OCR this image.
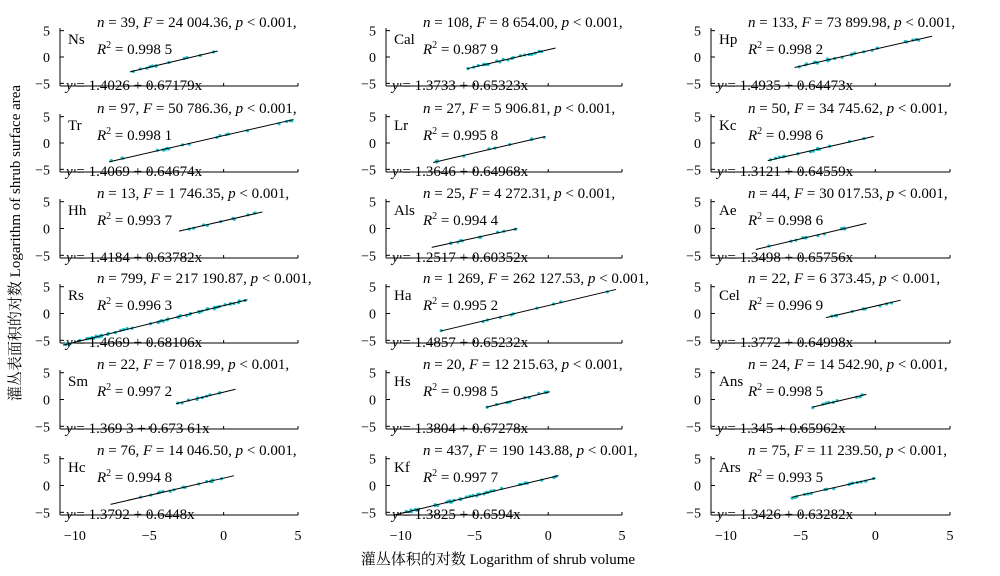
灌丛表面积的对数 Logarithm of shrub surface area
灌丛体积的对数 Logarithm of shrub volume
5
0
−5
Ns
n = 39, F = 24 004.36, p < 0.001,
$R^2 = 0.998$ 5
y = 1.4026 + 0.67179x
5
0
−5
Cal
n = 108, F = 8 654.00, p < 0.001,
$R^2 = 0.987$ 9
y = 1.3733 + 0.65323x
5
0
−5
Hp
n = 133, F = 73 899.98, p < 0.001,
$R^2 = 0.998$ 2
y = 1.4935 + 0.64473x
5
0
−5
Tr
n = 97, F = 50 786.36, p < 0.001,
$R^2 = 0.998$ 1
y = 1.4069 + 0.64674x
5
0
−5
Lr
n = 27, F = 5 906.81, p < 0.001,
$R^2 = 0.995$ 8
y = 1.3646 + 0.64968x
5
0
−5
Kc
n = 50, F = 34 745.62, p < 0.001,
$R^2 = 0.998$ 6
y = 1.3121 + 0.64559x
5
0
−5
Hh
n = 13, F = 1 746.35, p < 0.001,
$R^2 = 0.993$ 7
y = 1.4184 + 0.63782x
5
0
−5
Als
n = 25, F = 4 272.31, p < 0.001,
$R^2 = 0.994$ 4
y = 1.2517 + 0.60352x
5
0
−5
Ae
n = 44, F = 30 017.53, p < 0.001,
$R^2 = 0.998$ 6
y = 1.3498 + 0.65756x
5
0
−5
Rs
n = 799, F = 217 190.87, p < 0.001,
$R^2 = 0.996$ 3
y = 1.4669 + 0.68106x
5
0
−5
Ha
n = 1 269, F = 262 127.53, p < 0.001,
$R^2 = 0.995$ 2
y = 1.4857 + 0.65232x
5
0
−5
Cel
n = 22, F = 6 373.45, p < 0.001,
$R^2 = 0.996$ 9
y = 1.3772 + 0.64998x
5
0
−5
Sm
n = 22, F = 7 018.99, p < 0.001,
$R^2 = 0.997$ 2
y = 1.369 3 + 0.673 61x
5
0
−5
Hs
n = 20, F = 12 215.63, p < 0.001,
$R^2 = 0.998$ 5
y = 1.3804 + 0.67278x
5
0
−5
Ans
n = 24, F = 14 542.90, p < 0.001,
$R^2 = 0.998$ 5
y = 1.345 + 0.65962x
5
0
−5
−10	−5	0	5
Hc
n = 76, F = 14 046.50, p < 0.001,
$R^2 = 0.994$ 8
y = 1.3792 + 0.6448x
5
0
−5
−10	−5	0	5
Kf
n = 437, F = 190 143.88, p < 0.001,
$R^2 = 0.997$ 7
y = 1.3825 + 0.6594x
5
0
−5
−10	−5	0	5
Ars
n = 75, F = 11 239.50, p < 0.001,
$R^2 = 0.993$ 5
y = 1.3426 + 0.63282x
